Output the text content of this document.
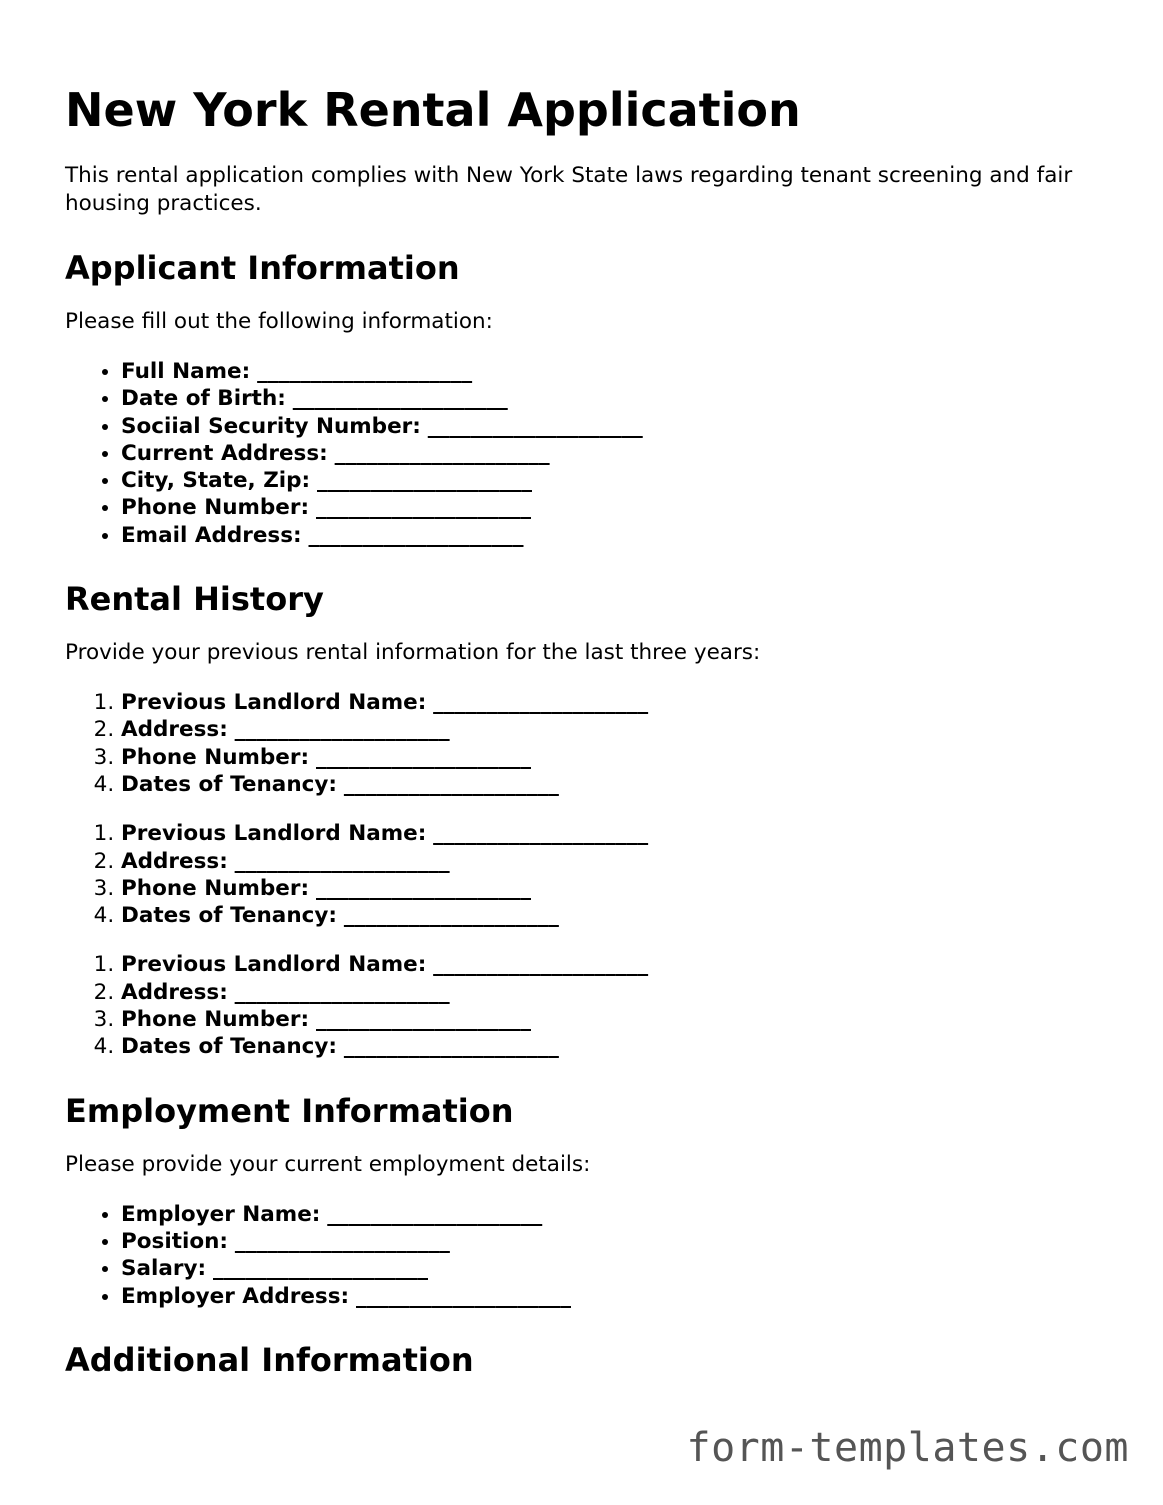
New York Rental Application

This rental application complies with New York State laws regarding tenant screening and fair housing practices.

Applicant Information

Please fill out the following information:

• Full Name: ____________________
• Date of Birth: ____________________
• Sociial Security Number: ____________________
• Current Address: ____________________
• City, State, Zip: ____________________
• Phone Number: ____________________
• Email Address: ____________________
Rental History

Provide your previous rental information for the last three years:

1. Previous Landlord Name: ____________________
2. Address: ____________________
3. Phone Number: ____________________
4. Dates of Tenancy: ____________________
1. Previous Landlord Name: ____________________
2. Address: ____________________
3. Phone Number: ____________________
4. Dates of Tenancy: ____________________
1. Previous Landlord Name: ____________________
2. Address: ____________________
3. Phone Number: ____________________
4. Dates of Tenancy: ____________________
Employment Information

Please provide your current employment details:

• Employer Name: ____________________
• Position: ____________________
• Salary: ____________________
• Employer Address: ____________________
Additional Information
form-templates.com
